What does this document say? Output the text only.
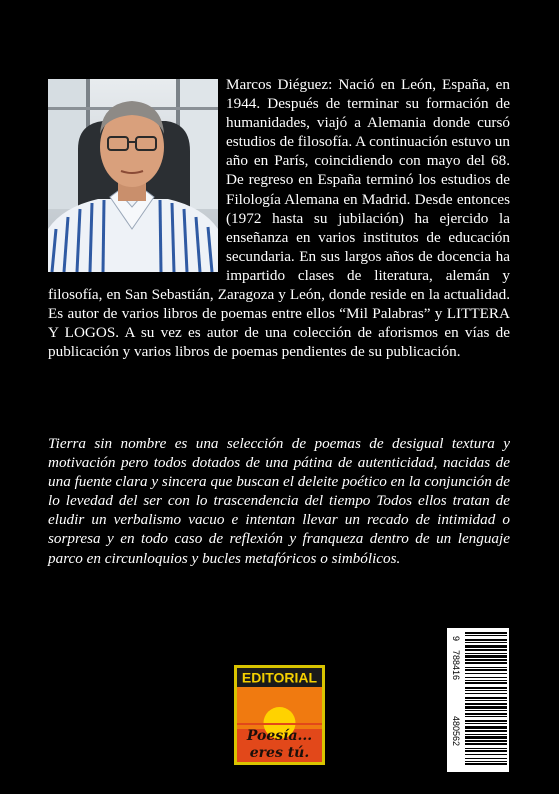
Marcos Diéguez: Nació en León, España, en 1944. Después de terminar su formación de humanidades, viajó a Alemania donde cursó estudios de filosofía. A continuación estuvo un año en París, coincidiendo con mayo del 68. De regreso en España terminó los estudios de Filología Alemana en Madrid. Desde entonces (1972 hasta su jubilación) ha ejercido la enseñanza en varios institutos de educación secundaria. En sus largos años de docencia ha impartido clases de literatura, alemán y filosofía, en San Sebastián, Zaragoza y León, donde reside en la actualidad. Es autor de varios libros de poemas entre ellos “Mil Palabras” y LITTERA Y LOGOS. A su vez es autor de una colección de aforismos en vías de publicación y varios libros de poemas pendientes de su publicación.

Tierra sin nombre es una selección de poemas de desigual textura y motivación pero todos dotados de una pátina de autenticidad, nacidas de una fuente clara y sincera que buscan el deleite poético en la conjunción de lo levedad del ser con lo trascendencia del tiempo Todos ellos tratan de eludir un verbalismo vacuo e intentan llevar un recado de intimidad o sorpresa y en todo caso de reflexión y franqueza dentro de un lenguaje parco en circunloquios y bucles metafóricos o simbólicos.

EDITORIAL
Poesía...
eres tú.
9
788416
480562
